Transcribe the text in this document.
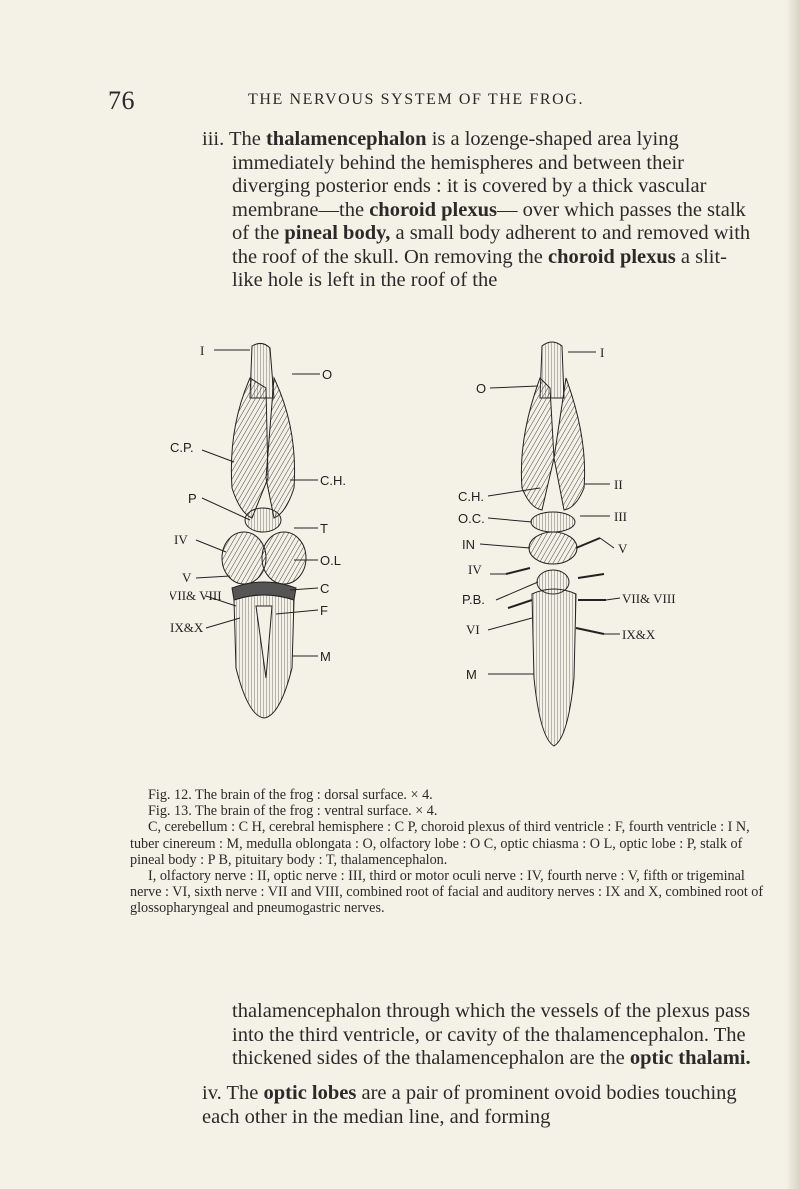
76	THE NERVOUS SYSTEM OF THE FROG.

iii. The thalamencephalon is a lozenge-shaped area lying immediately behind the hemispheres and between their diverging posterior ends : it is covered by a thick vascular membrane—the choroid plexus— over which passes the stalk of the pineal body, a small body adherent to and removed with the roof of the skull. On removing the choroid plexus a slit-like hole is left in the roof of the

I
O
C.P.
C.H.
P
T
IV
O.L
V
C
VII& VIII
F
IX&X
M
O
I
C.H.
II
O.C.	III
IN
IV
V
P.B.	VII& VIII
VI	IX&X
M

Fig. 12. The brain of the frog : dorsal surface. × 4.

Fig. 13. The brain of the frog : ventral surface. × 4.

C, cerebellum : C H, cerebral hemisphere : C P, choroid plexus of third ventricle : F, fourth ventricle : I N, tuber cinereum : M, medulla oblongata : O, olfactory lobe : O C, optic chiasma : O L, optic lobe : P, stalk of pineal body : P B, pituitary body : T, thalamencephalon.

I, olfactory nerve : II, optic nerve : III, third or motor oculi nerve : IV, fourth nerve : V, fifth or trigeminal nerve : VI, sixth nerve : VII and VIII, combined root of facial and auditory nerves : IX and X, combined root of glossopharyngeal and pneumogastric nerves.

thalamencephalon through which the vessels of the plexus pass into the third ventricle, or cavity of the thalamencephalon. The thickened sides of the thalamencephalon are the optic thalami.

iv. The optic lobes are a pair of prominent ovoid bodies touching each other in the median line, and forming
